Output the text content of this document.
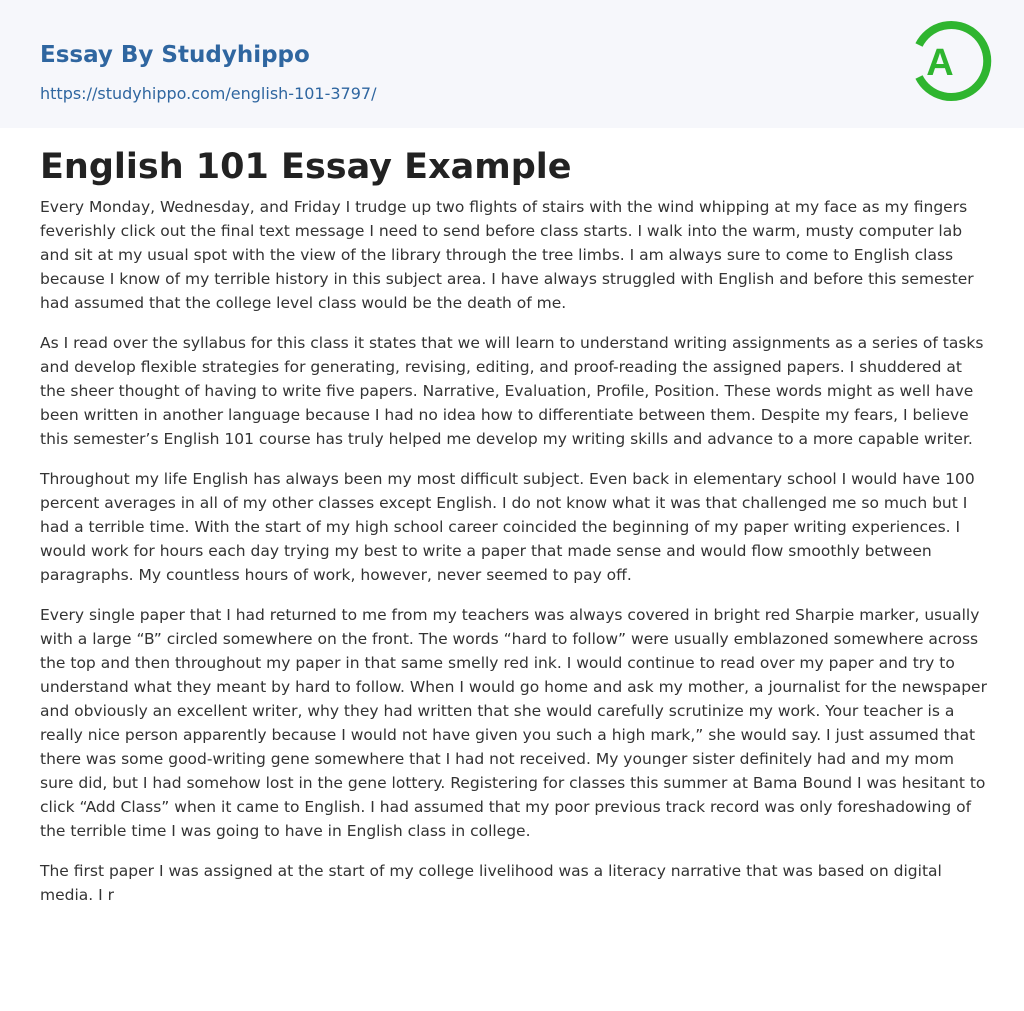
Essay By Studyhippo
https://studyhippo.com/english-101-3797/
A
English 101 Essay Example

Every Monday, Wednesday, and Friday I trudge up two flights of stairs with the wind whipping at my face as my fingers feverishly click out the final text message I need to send before class starts. I walk into the warm, musty computer lab and sit at my usual spot with the view of the library through the tree limbs. I am always sure to come to English class because I know of my terrible history in this subject area. I have always struggled with English and before this semester had assumed that the college level class would be the death of me.

As I read over the syllabus for this class it states that we will learn to understand writing assignments as a series of tasks and develop flexible strategies for generating, revising, editing, and proof-reading the assigned papers. I shuddered at the sheer thought of having to write five papers. Narrative, Evaluation, Profile, Position. These words might as well have been written in another language because I had no idea how to differentiate between them. Despite my fears, I believe this semester’s English 101 course has truly helped me develop my writing skills and advance to a more capable writer.

Throughout my life English has always been my most difficult subject. Even back in elementary school I would have 100 percent averages in all of my other classes except English. I do not know what it was that challenged me so much but I had a terrible time. With the start of my high school career coincided the beginning of my paper writing experiences. I would work for hours each day trying my best to write a paper that made sense and would flow smoothly between paragraphs. My countless hours of work, however, never seemed to pay off.

Every single paper that I had returned to me from my teachers was always covered in bright red Sharpie marker, usually with a large “B” circled somewhere on the front. The words “hard to follow” were usually emblazoned somewhere across the top and then throughout my paper in that same smelly red ink. I would continue to read over my paper and try to understand what they meant by hard to follow. When I would go home and ask my mother, a journalist for the newspaper and obviously an excellent writer, why they had written that she would carefully scrutinize my work. Your teacher is a really nice person apparently because I would not have given you such a high mark,” she would say. I just assumed that there was some good-writing gene somewhere that I had not received. My younger sister definitely had and my mom sure did, but I had somehow lost in the gene lottery. Registering for classes this summer at Bama Bound I was hesitant to click “Add Class” when it came to English. I had assumed that my poor previous track record was only foreshadowing of the terrible time I was going to have in English class in college.

The first paper I was assigned at the start of my college livelihood was a literacy narrative that was based on digital media. I r
